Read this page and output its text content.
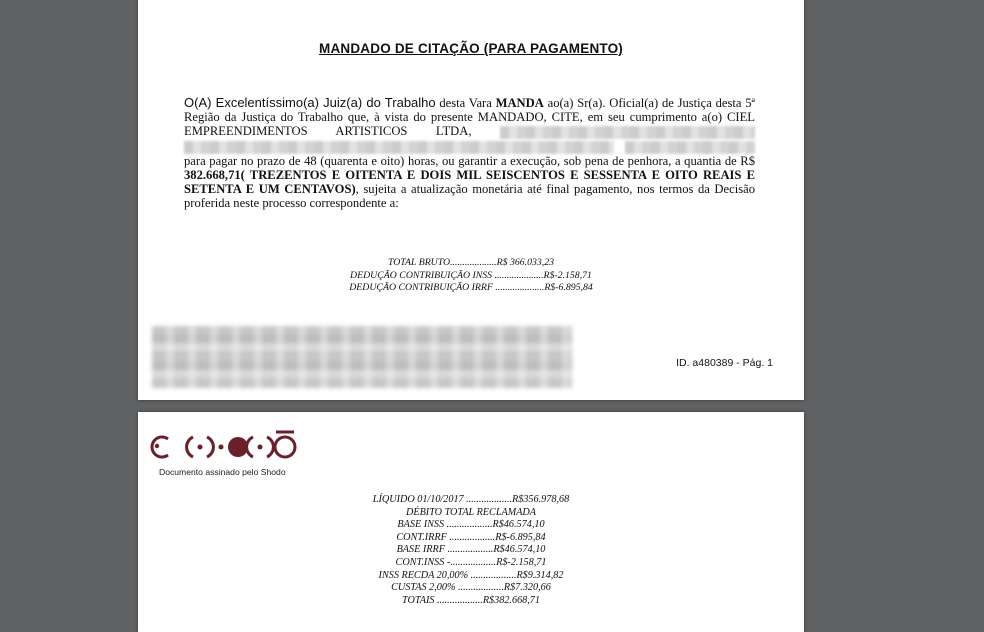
MANDADO DE CITAÇÃO (PARA PAGAMENTO)
O(A) Excelentíssimo(a) Juiz(a) do Trabalho desta Vara MANDA ao(a) Sr(a). Oficial(a) de Justiça desta 5ª Região da Justiça do Trabalho que, à vista do presente MANDADO, CITE, em seu cumprimento a(o) CIEL EMPREENDIMENTOS ARTISTICOS LTDA,    para pagar no prazo de 48 (quarenta e oito) horas, ou garantir a execução, sob pena de penhora, a quantia de R$ 382.668,71( TREZENTOS E OITENTA E DOIS MIL SEISCENTOS E SESSENTA E OITO REAIS E SETENTA E UM CENTAVOS), sujeita a atualização monetária até final pagamento, nos termos da Decisão proferida neste processo correspondente a:
TOTAL BRUTO...................R$ 366.033,23
DEDUÇÃO CONTRIBUIÇÃO INSS ....................R$-2.158,71
DEDUÇÃO CONTRIBUIÇÃO IRRF ....................R$-6.895,84
ID. a480389 - Pág. 1
Documento assinado pelo Shodo
LÍQUIDO 01/10/2017 ..................R$356.978,68
DÉBITO TOTAL RECLAMADA
BASE INSS ..................R$46.574,10
CONT.IRRF ..................R$-6.895,84
BASE IRRF ..................R$46.574,10
CONT.INSS -..................R$-2.158,71
INSS RECDA 20,00% ..................R$9.314,82
CUSTAS 2,00% ..................R$7.320,66
TOTAIS ..................R$382.668,71
